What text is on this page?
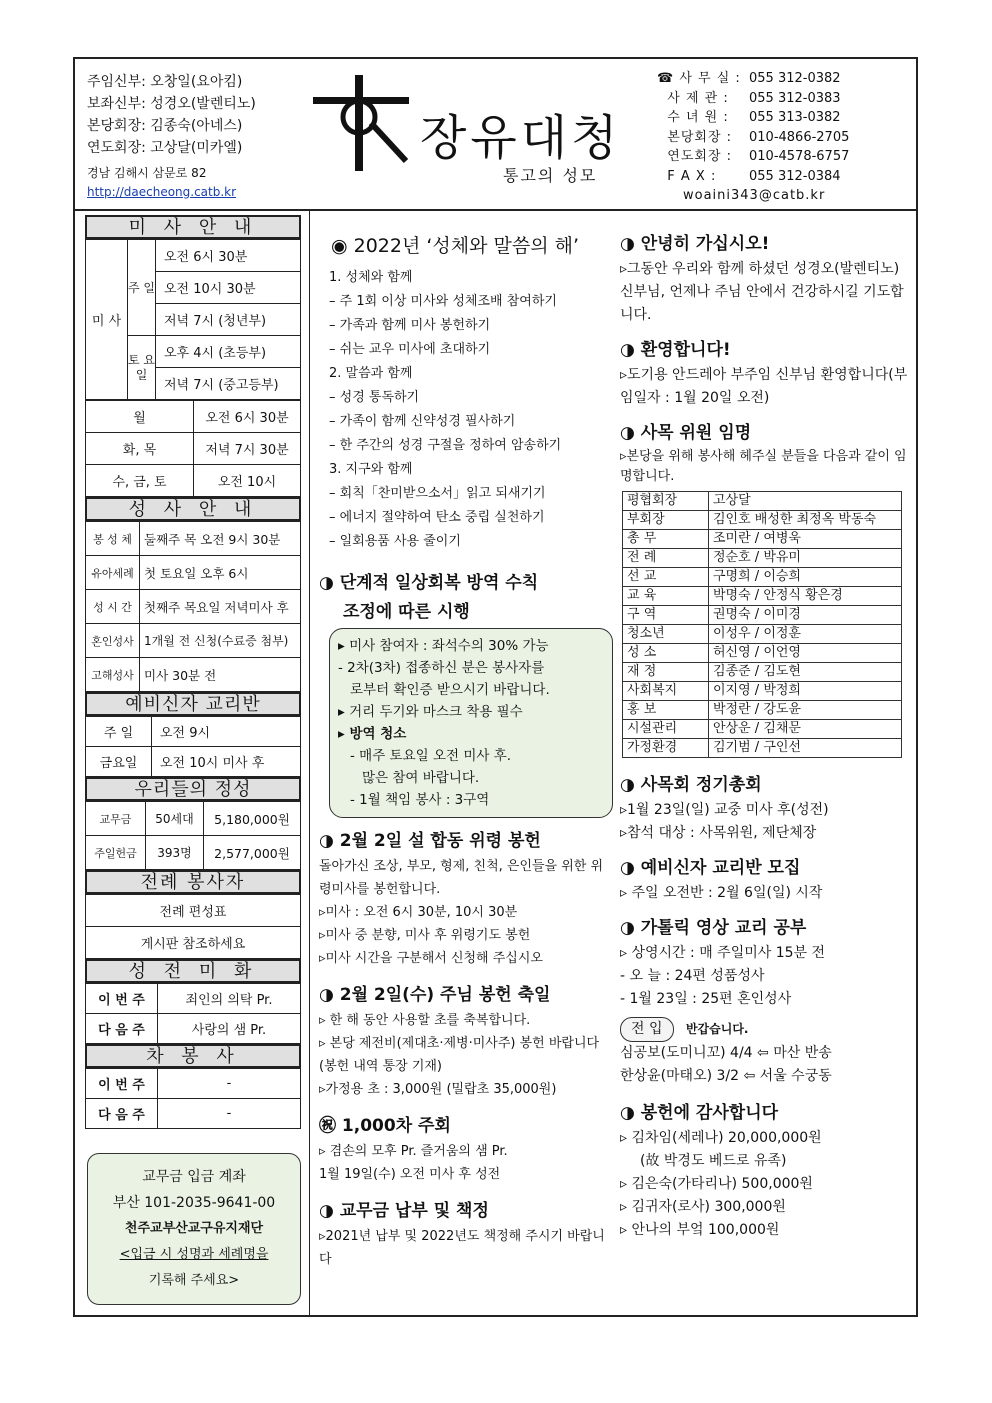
주임신부: 오창일(요아킴)
보좌신부: 성경오(발렌티노)
본당회장: 김종숙(아네스)
연도회장: 고상달(미카엘)
경남 김해시 삼문로 82
http://daecheong.catb.kr
장유대청
통고의 성모
☎ 사 무 실 : 055 312-0382
사 제 관 :	055 312-0383
수 녀 원 :	055 313-0382
본당회장 :	010-4866-2705
연도회장 :	010-4578-6757
F A X :	055 312-0384
woaini343@catb.kr
미 사 안 내
미 사	주 일	오전 6시 30분
		오전 10시 30분
		저녁 7시 (청년부)
	토 요 일	오후 4시 (초등부)
		저녁 7시 (중고등부)
월	오전 6시 30분
화, 목	저녁 7시 30분
수, 금, 토	오전 10시
성 사 안 내
봉 성 체	둘째주 목 오전 9시 30분
유아세례	첫 토요일 오후 6시
성 시 간	첫째주 목요일 저녁미사 후
혼인성사	1개월 전 신청(수료증 첨부)
고해성사	미사 30분 전
예비신자 교리반
주 일	오전 9시
금요일	오전 10시 미사 후
우리들의 정성
교무금	50세대	5,180,000원
주일헌금	393명	2,577,000원
전례 봉사자
전례 편성표
게시판 참조하세요
성 전 미 화
이 번 주	죄인의 의탁 Pr.
다 음 주	사랑의 샘 Pr.
차 봉 사
이 번 주	-
다 음 주	-
교무금 입금 계좌
부산 101-2035-9641-00
천주교부산교구유지재단
<입금 시 성명과 세례명을
기록해 주세요>
◉ 2022년 ‘성체와 말씀의 해’
1. 성체와 함께
– 주 1회 이상 미사와 성체조배 참여하기
– 가족과 함께 미사 봉헌하기
– 쉬는 교우 미사에 초대하기
2. 말씀과 함께
– 성경 통독하기
– 가족이 함께 신약성경 필사하기
– 한 주간의 성경 구절을 정하여 암송하기
3. 지구와 함께
– 회칙「찬미받으소서」읽고 되새기기
– 에너지 절약하여 탄소 중립 실천하기
– 일회용품 사용 줄이기
◑ 단계적 일상회복 방역 수칙
조정에 따른 시행
▸ 미사 참여자 : 좌석수의 30% 가능
- 2차(3차) 접종하신 분은 봉사자를
로부터 확인증 받으시기 바랍니다.
▸ 거리 두기와 마스크 착용 필수
▸ 방역 청소
- 매주 토요일 오전 미사 후.
많은 참여 바랍니다.
- 1월 책임 봉사 : 3구역
◑ 2월 2일 설 합동 위령 봉헌
돌아가신 조상, 부모, 형제, 친척, 은인들을 위한 위령미사를 봉헌합니다.
▹미사 : 오전 6시 30분, 10시 30분
▹미사 중 분향, 미사 후 위령기도 봉헌
▹미사 시간을 구분해서 신청해 주십시오
◑ 2월 2일(수) 주님 봉헌 축일
▹ 한 해 동안 사용할 초를 축복합니다.
▹ 본당 제전비(제대초·제병·미사주) 봉헌 바랍니다 (봉헌 내역 통장 기재)
▹가정용 초 : 3,000원 (밀랍초 35,000원)
㊗ 1,000차 주회
▹ 겸손의 모후 Pr. 즐거움의 샘 Pr.
1월 19일(수) 오전 미사 후 성전
◑ 교무금 납부 및 책정
▹2021년 납부 및 2022년도 책정해 주시기 바랍니다
◑ 안녕히 가십시오!
▹그동안 우리와 함께 하셨던 성경오(발렌티노) 신부님, 언제나 주님 안에서 건강하시길 기도합니다.
◑ 환영합니다!
▹도기용 안드레아 부주임 신부님 환영합니다(부임일자 : 1월 20일 오전)
◑ 사목 위원 임명
▹본당을 위해 봉사해 헤주실 분들을 다음과 같이 임명합니다.
평협회장	고상달
부회장	김인호 배성한 최정옥 박동숙
총 무	조미란 / 여병욱
전 례	정순호 / 박유미
선 교	구명희 / 이승희
교 육	박명숙 / 안정식 황은경
구 역	권명숙 / 이미경
청소년	이성우 / 이정훈
성 소	허신영 / 이언영
재 정	김종준 / 김도현
사회복지	이지영 / 박정희
홍 보	박정란 / 강도윤
시설관리	안상운 / 김채문
가정환경	김기범 / 구인선
◑ 사목회 정기총회
▹1월 23일(일) 교중 미사 후(성전)
▹참석 대상 : 사목위원, 제단체장
◑ 예비신자 교리반 모집
▹ 주일 오전반 : 2월 6일(일) 시작
◑ 가톨릭 영상 교리 공부
▹ 상영시간 : 매 주일미사 15분 전
- 오 늘 : 24편 성품성사
- 1월 23일 : 25편 혼인성사
전 입 반갑습니다.
심공보(도미니꼬) 4/4 ⇦ 마산 반송
한상윤(마태오) 3/2 ⇦ 서울 수궁동
◑ 봉헌에 감사합니다
▹ 김차임(세레나) 20,000,000원
(故 박경도 베드로 유족)
▹ 김은숙(가타리나) 500,000원
▹ 김귀자(로사) 300,000원
▹ 안나의 부엌 100,000원
